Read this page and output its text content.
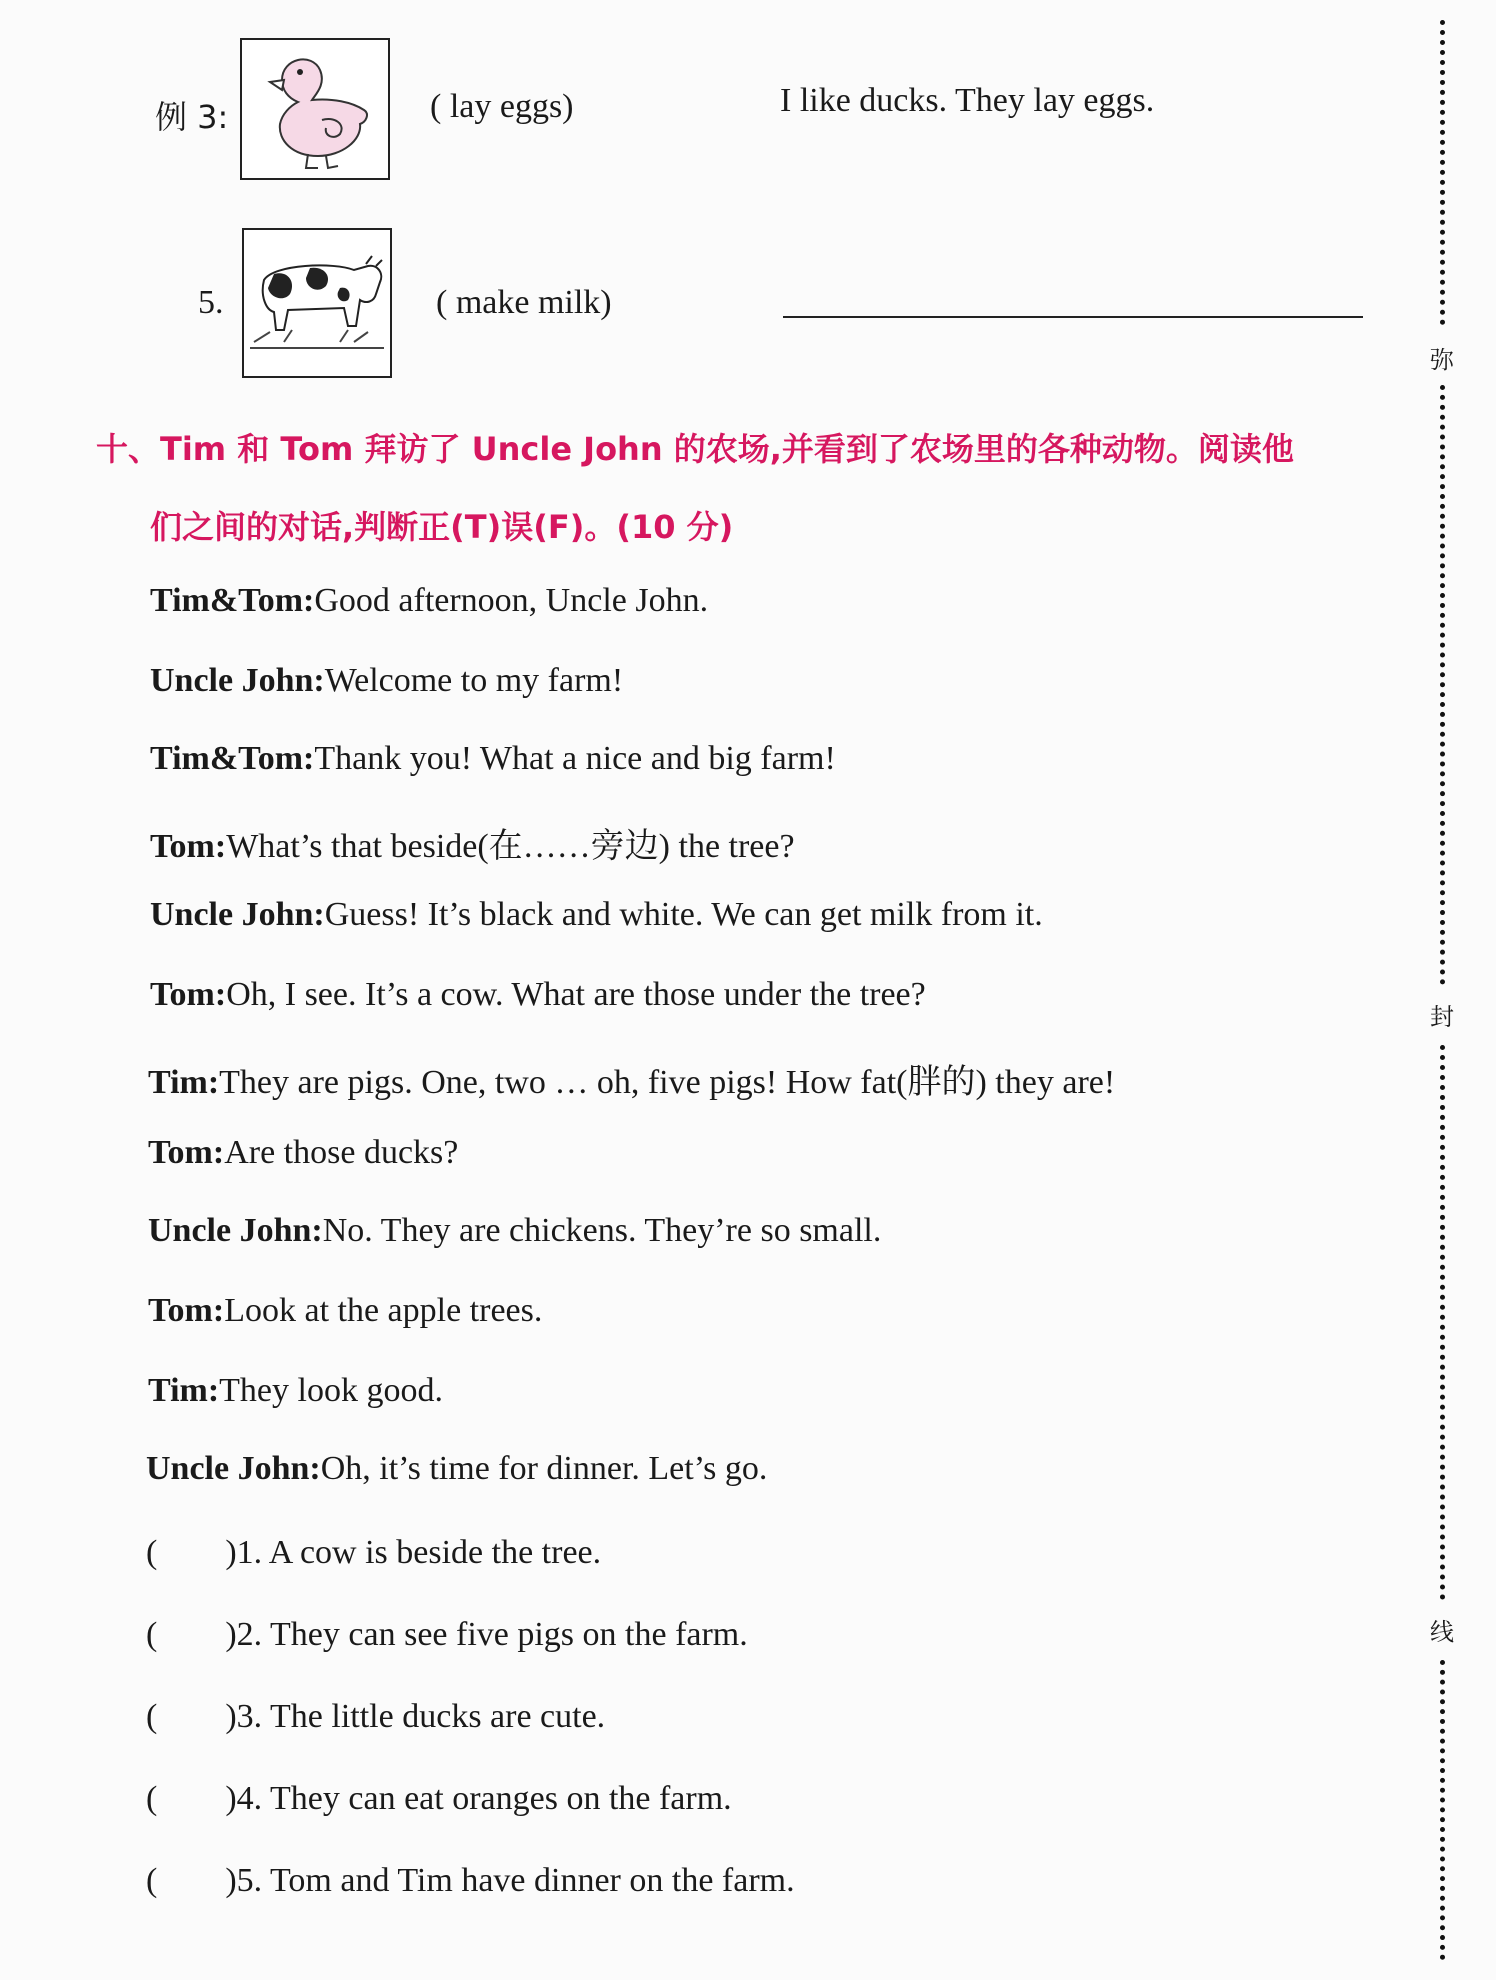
例 3:	( lay eggs)	I like ducks. They lay eggs.
5.	( make milk)
十、Tim 和 Tom 拜访了 Uncle John 的农场,并看到了农场里的各种动物。阅读他
们之间的对话,判断正(T)误(F)。(10 分)
Tim&Tom:Good afternoon, Uncle John.
Uncle John:Welcome to my farm!
Tim&Tom:Thank you! What a nice and big farm!
Tom:What’s that beside(在……旁边) the tree?
Uncle John:Guess! It’s black and white. We can get milk from it.
Tom:Oh, I see. It’s a cow. What are those under the tree?
Tim:They are pigs. One, two … oh, five pigs! How fat(胖的) they are!
Tom:Are those ducks?
Uncle John:No. They are chickens. They’re so small.
Tom:Look at the apple trees.
Tim:They look good.
Uncle John:Oh, it’s time for dinner. Let’s go.
(        )1. A cow is beside the tree.
(        )2. They can see five pigs on the farm.
(        )3. The little ducks are cute.
(        )4. They can eat oranges on the farm.
(        )5. Tom and Tim have dinner on the farm.
弥
封
线
